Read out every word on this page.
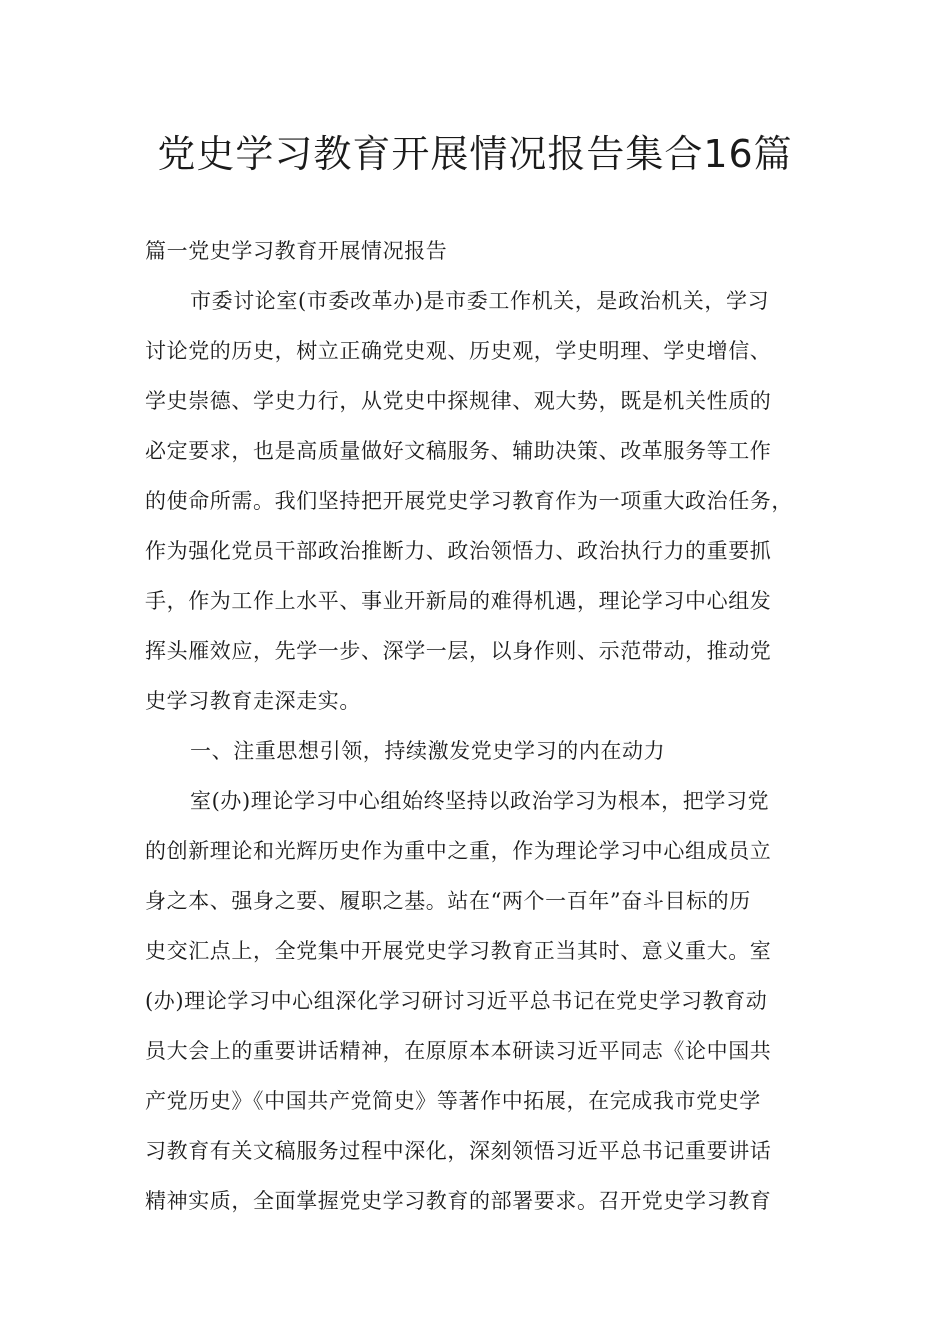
党史学习教育开展情况报告集合16篇
篇一党史学习教育开展情况报告
市委讨论室(市委改革办)是市委工作机关，是政治机关，学习
讨论党的历史，树立正确党史观、历史观，学史明理、学史增信、
学史崇德、学史力行，从党史中探规律、观大势，既是机关性质的
必定要求，也是高质量做好文稿服务、辅助决策、改革服务等工作
的使命所需。我们坚持把开展党史学习教育作为一项重大政治任务，
作为强化党员干部政治推断力、政治领悟力、政治执行力的重要抓
手，作为工作上水平、事业开新局的难得机遇，理论学习中心组发
挥头雁效应，先学一步、深学一层，以身作则、示范带动，推动党
史学习教育走深走实。
一、注重思想引领，持续激发党史学习的内在动力
室(办)理论学习中心组始终坚持以政治学习为根本，把学习党
的创新理论和光辉历史作为重中之重，作为理论学习中心组成员立
身之本、强身之要、履职之基。站在“两个一百年”奋斗目标的历
史交汇点上，全党集中开展党史学习教育正当其时、意义重大。室
(办)理论学习中心组深化学习研讨习近平总书记在党史学习教育动
员大会上的重要讲话精神，在原原本本研读习近平同志《论中国共
产党历史》《中国共产党简史》等著作中拓展，在完成我市党史学
习教育有关文稿服务过程中深化，深刻领悟习近平总书记重要讲话
精神实质，全面掌握党史学习教育的部署要求。召开党史学习教育
